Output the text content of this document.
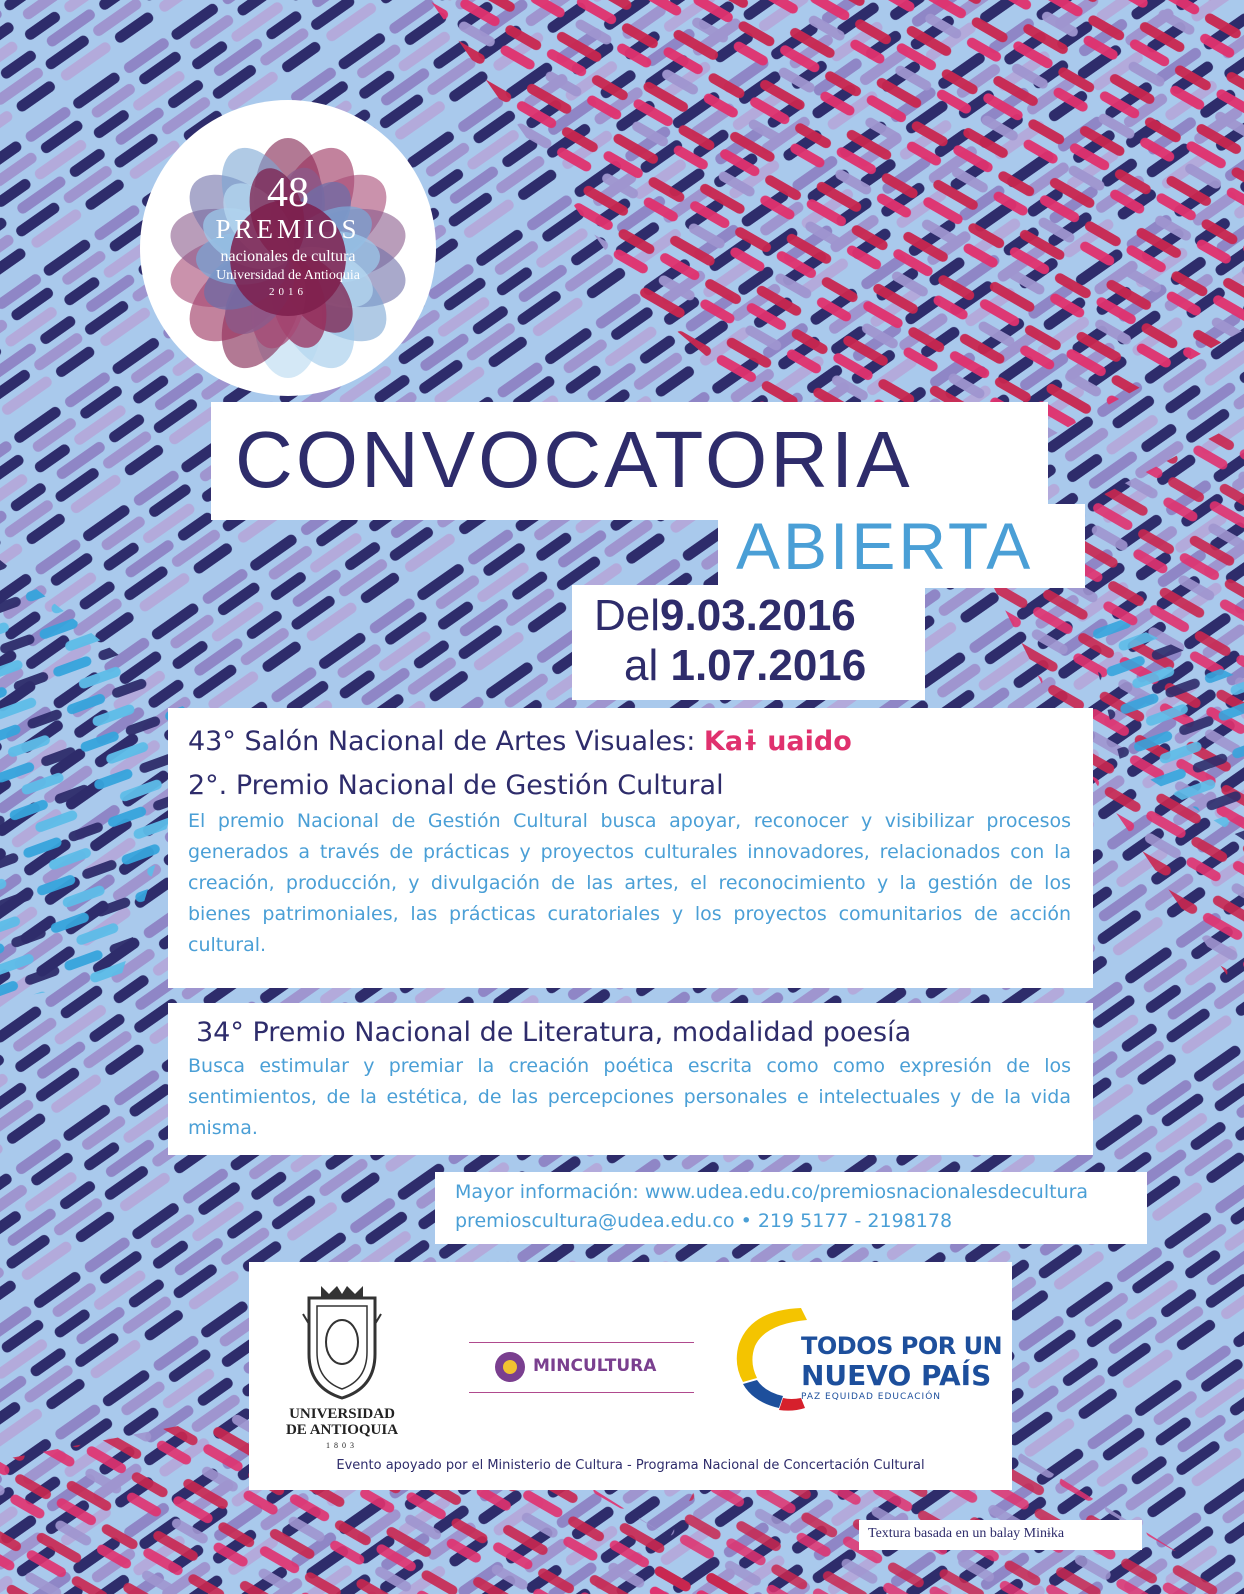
48
PREMIOS
nacionales de cultura
Universidad de Antioquia
2016
CONVOCATORIA
ABIERTA
Del9.03.2016
al 1.07.2016
43° Salón Nacional de Artes Visuales: Kaɨ uaido
2°. Premio Nacional de Gestión Cultural
El premio Nacional de Gestión Cultural busca apoyar, reconocer y visibilizar procesos generados a través de prácticas y proyectos culturales innovadores, relacionados con la creación, producción, y divulgación de las artes, el reconocimiento y la gestión de los bienes patrimoniales, las prácticas curatoriales y los proyectos comunitarios de acción cultural.
34° Premio Nacional de Literatura, modalidad poesía
Busca estimular y premiar la creación poética escrita como como expresión de los sentimientos, de la estética, de las percepciones personales e intelectuales y de la vida misma.
Mayor información: www.udea.edu.co/premiosnacionalesdecultura
premioscultura@udea.edu.co • 219 5177 - 2198178
UNIVERSIDAD
DE ANTIOQUIA
1803
MINCULTURA
TODOS POR UN
NUEVO PAÍS
PAZ EQUIDAD EDUCACIÓN
Evento apoyado por el Ministerio de Cultura - Programa Nacional de Concertación Cultural
Textura basada en un balay Minɨka
